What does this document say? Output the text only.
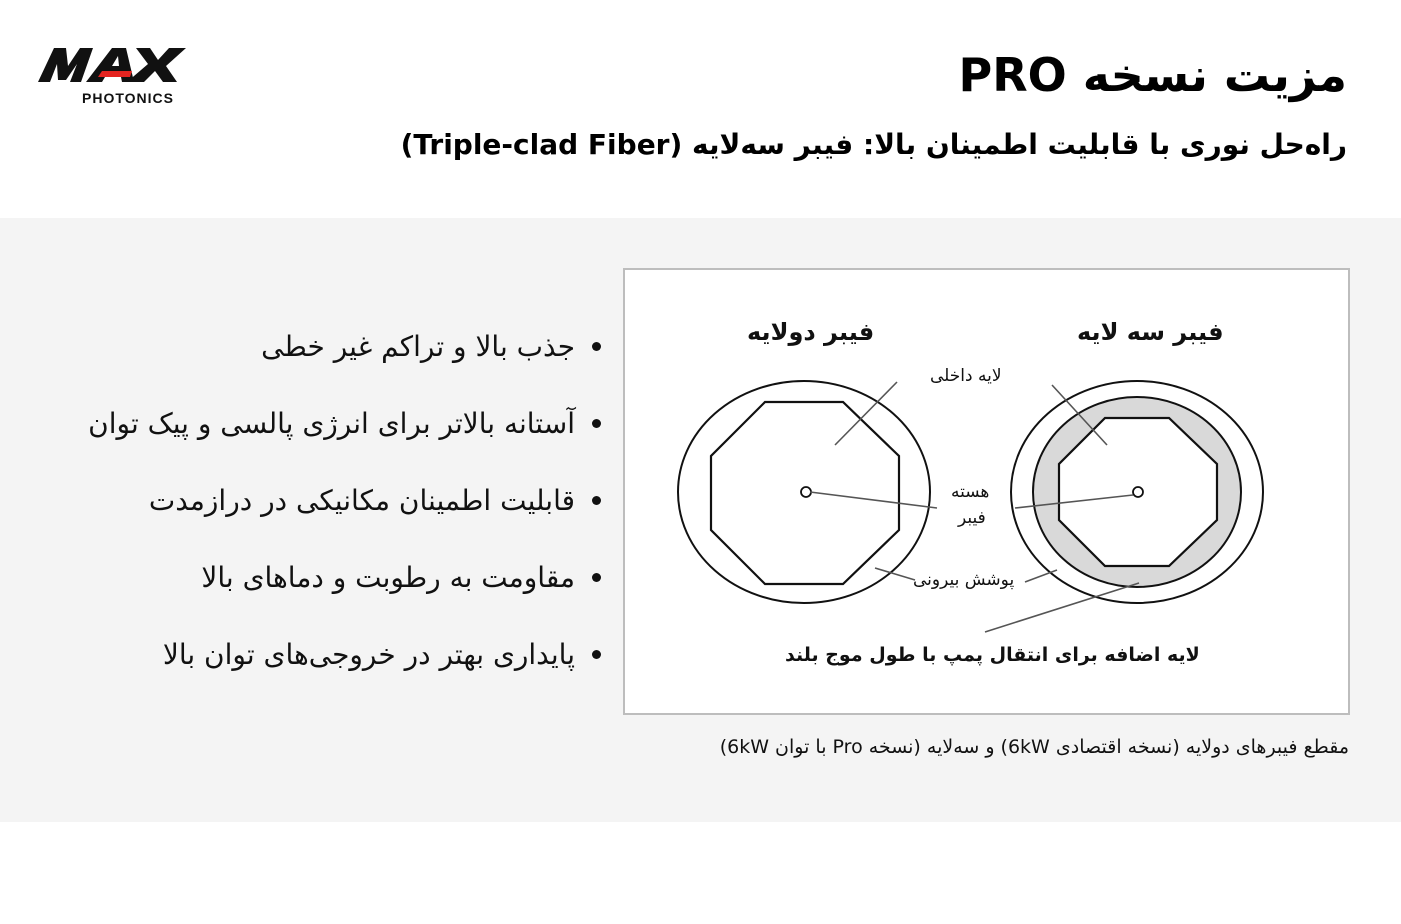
PHOTONICS	مزیت نسخه PRO
راه‌حل نوری با قابلیت اطمینان بالا: فیبر سه‌لایه (Triple-clad Fiber)
جذب بالا و تراکم غیر خطی
آستانه بالاتر برای انرژی پالسی و پیک توان
قابلیت اطمینان مکانیکی در درازمدت
مقاومت به رطوبت و دماهای بالا
پایداری بهتر در خروجی‌های توان بالا
فیبر دولایه	فیبر سه لایه
لایه داخلی
هسته
فیبر
پوشش بیرونی
لایه اضافه برای انتقال پمپ با طول موج بلند
مقطع فیبرهای دولایه (نسخه اقتصادی 6kW) و سه‌لایه (نسخه Pro با توان 6kW)
